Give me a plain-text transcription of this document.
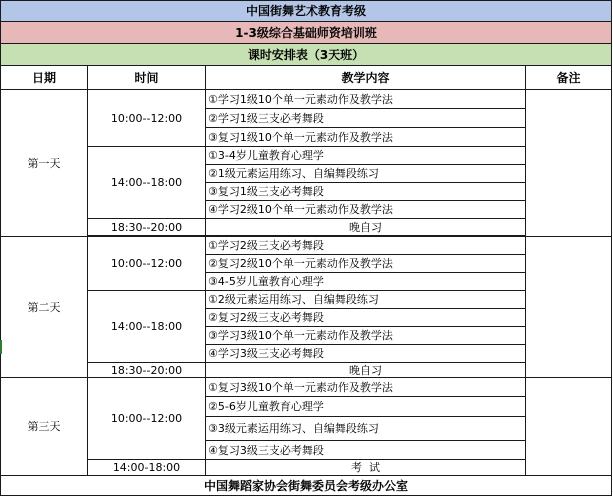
中国街舞艺术教育考级			
1-3级综合基础师资培训班			
课时安排表（3天班）			
日期	时间	教学内容	备注
第一天	10:00--12:00	①学习1级10个单一元素动作及教学法	
		②学习1级三支必考舞段	
		③复习1级10个单一元素动作及教学法	
	14:00--18:00	①3-4岁儿童教育心理学	
		②1级元素运用练习、自编舞段练习	
		③复习1级三支必考舞段	
		④学习2级10个单一元素动作及教学法	
	18:30--20:00	晚自习	

第二天	10:00--12:00	①学习2级三支必考舞段	
		②复习2级10个单一元素动作及教学法	
		③4-5岁儿童教育心理学	
	14:00--18:00	①2级元素运用练习、自编舞段练习	
		②复习2级三支必考舞段	
		③学习3级10个单一元素动作及教学法	
		④学习3级三支必考舞段	
	18:30--20:00	晚自习	
第三天	10:00--12:00	①复习3级10个单一元素动作及教学法	
		②5-6岁儿童教育心理学	
		③3级元素运用练习、自编舞段练习	
		④复习3级三支必考舞段	
	14:00-18:00	考  试	
中国舞蹈家协会街舞委员会考级办公室			
